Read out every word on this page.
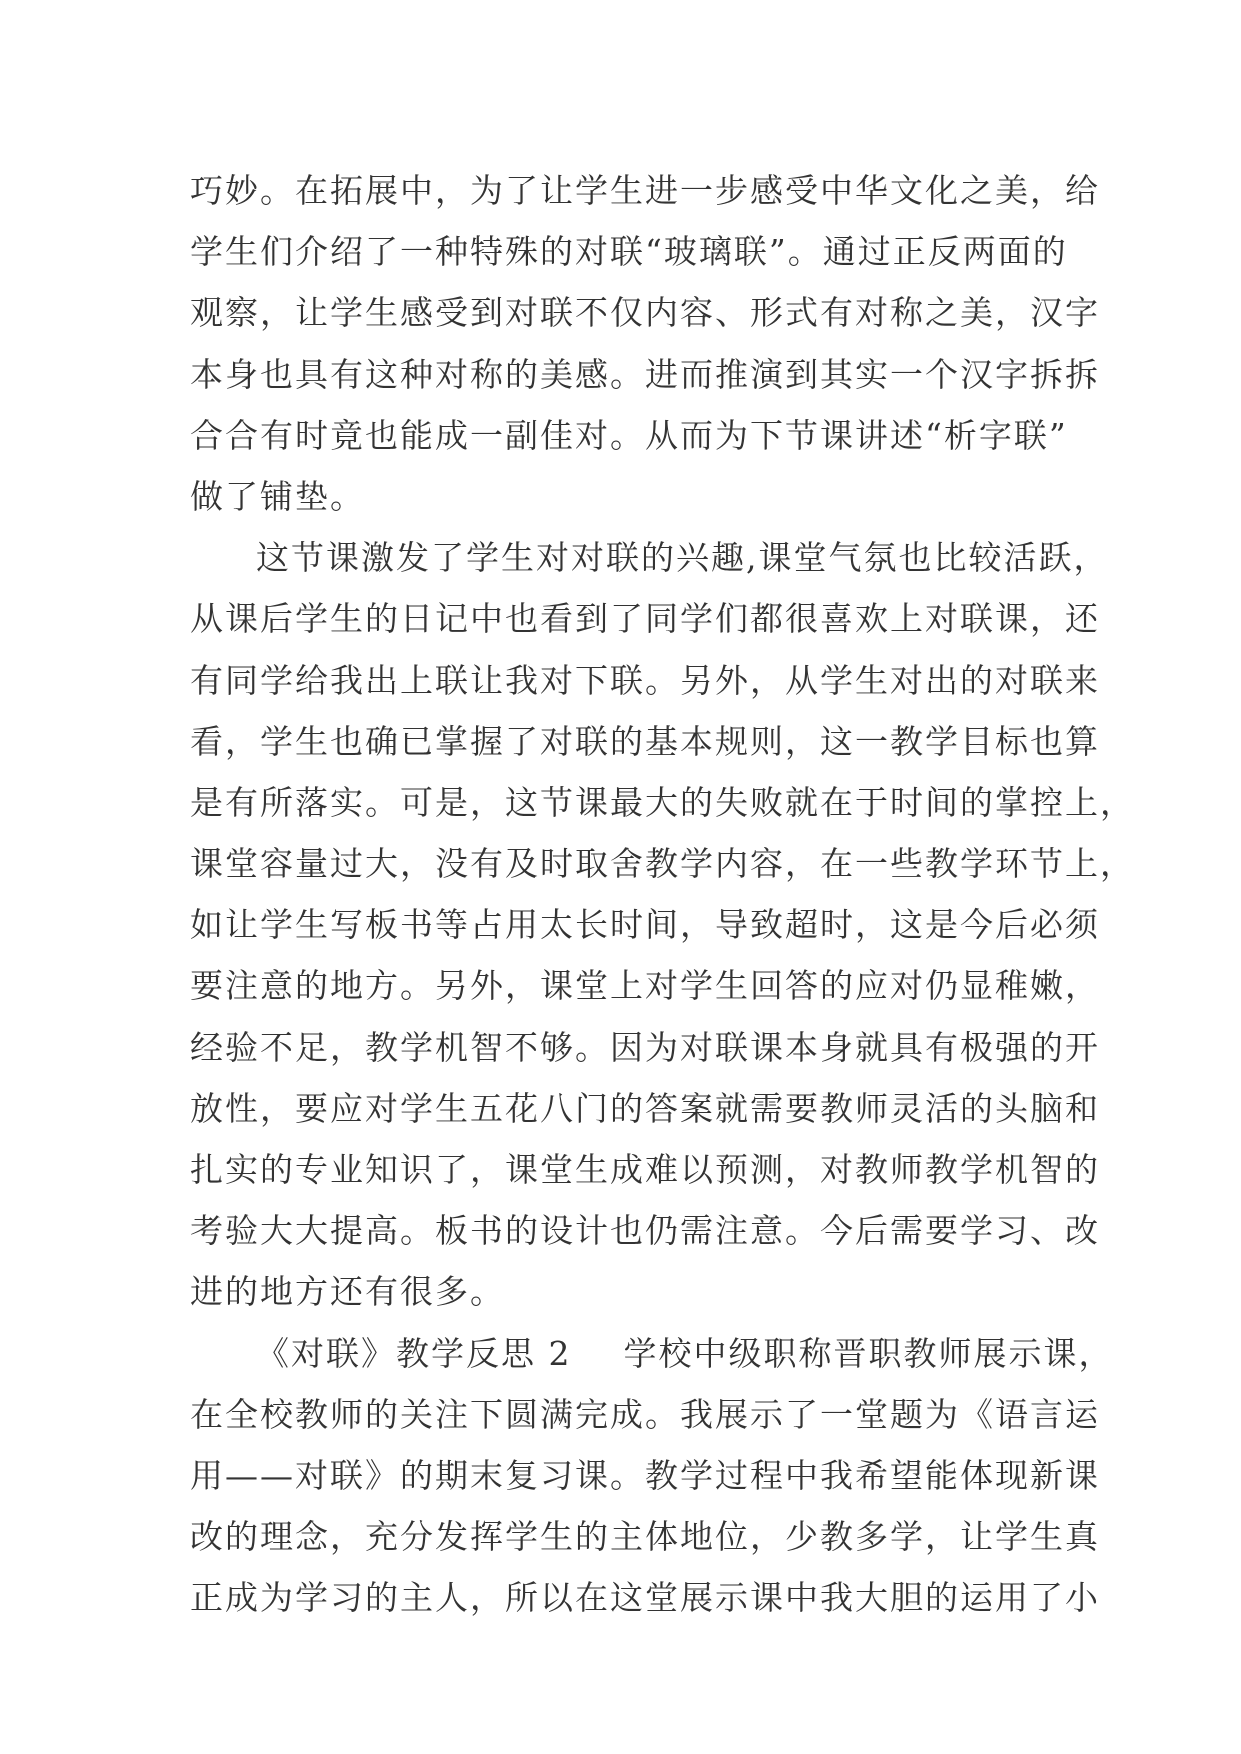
巧妙。在拓展中，为了让学生进一步感受中华文化之美，给
学生们介绍了一种特殊的对联“玻璃联”。通过正反两面的
观察，让学生感受到对联不仅内容、形式有对称之美，汉字
本身也具有这种对称的美感。进而推演到其实一个汉字拆拆
合合有时竟也能成一副佳对。从而为下节课讲述“析字联”
做了铺垫。
这节课激发了学生对对联的兴趣,课堂气氛也比较活跃，
从课后学生的日记中也看到了同学们都很喜欢上对联课，还
有同学给我出上联让我对下联。另外，从学生对出的对联来
看，学生也确已掌握了对联的基本规则，这一教学目标也算
是有所落实。可是，这节课最大的失败就在于时间的掌控上，
课堂容量过大，没有及时取舍教学内容，在一些教学环节上，
如让学生写板书等占用太长时间，导致超时，这是今后必须
要注意的地方。另外，课堂上对学生回答的应对仍显稚嫩，
经验不足，教学机智不够。因为对联课本身就具有极强的开
放性，要应对学生五花八门的答案就需要教师灵活的头脑和
扎实的专业知识了，课堂生成难以预测，对教师教学机智的
考验大大提高。板书的设计也仍需注意。今后需要学习、改
进的地方还有很多。
《对联》教学反思 2 学校中级职称晋职教师展示课，
在全校教师的关注下圆满完成。我展示了一堂题为《语言运
用——对联》的期末复习课。教学过程中我希望能体现新课
改的理念，充分发挥学生的主体地位，少教多学，让学生真
正成为学习的主人，所以在这堂展示课中我大胆的运用了小
